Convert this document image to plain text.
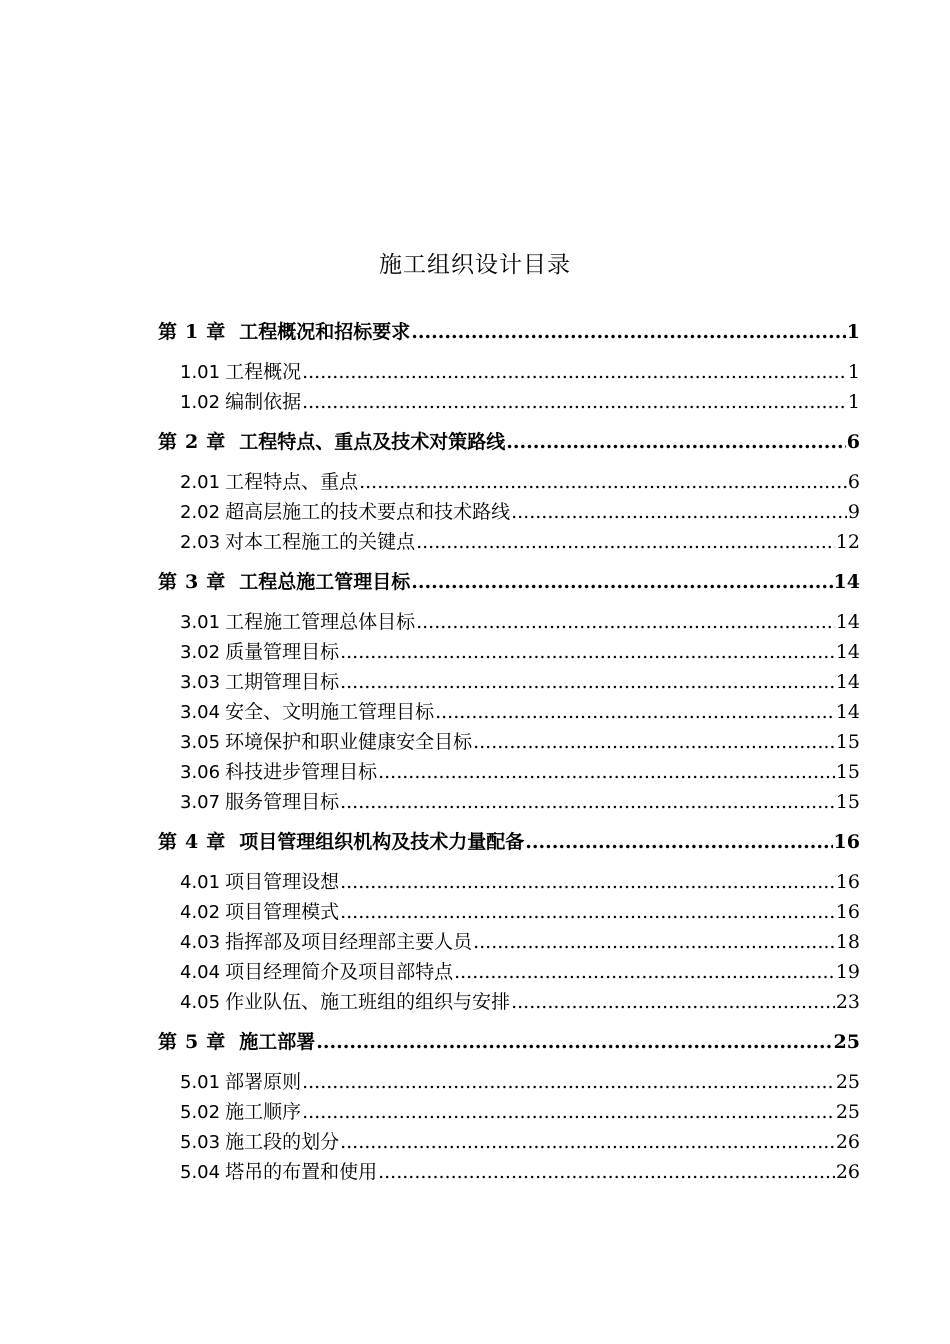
施工组织设计目录
第 1 章 工程概况和招标要求 .....	1
1.01 工程概况 .....	1
1.02 编制依据 .....	1
第 2 章 工程特点、重点及技术对策路线 .....	6
2.01 工程特点、重点 .....	6
2.02 超高层施工的技术要点和技术路线 .....	9
2.03 对本工程施工的关键点 .....	12
第 3 章 工程总施工管理目标 .....	14
3.01 工程施工管理总体目标 .....	14
3.02 质量管理目标 .....	14
3.03 工期管理目标 .....	14
3.04 安全、文明施工管理目标 .....	14
3.05 环境保护和职业健康安全目标 .....	15
3.06 科技进步管理目标 .....	15
3.07 服务管理目标 .....	15
第 4 章 项目管理组织机构及技术力量配备 .....	16
4.01 项目管理设想 .....	16
4.02 项目管理模式 .....	16
4.03 指挥部及项目经理部主要人员 .....	18
4.04 项目经理简介及项目部特点 .....	19
4.05 作业队伍、施工班组的组织与安排 .....	23
第 5 章 施工部署 .....	25
5.01 部署原则 .....	25
5.02 施工顺序 .....	25
5.03 施工段的划分 .....	26
5.04 塔吊的布置和使用 .....	26
